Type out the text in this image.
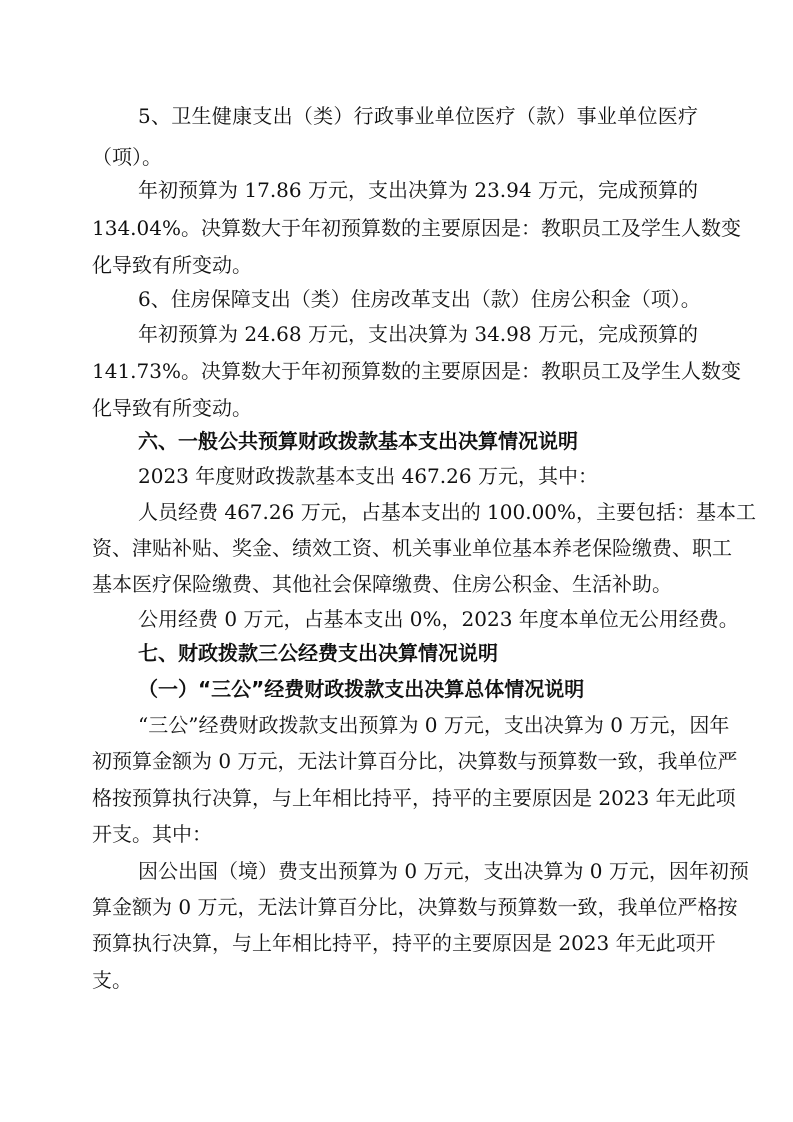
5、卫生健康支出（类）行政事业单位医疗（款）事业单位医疗

（项）。

年初预算为 17.86 万元，支出决算为 23.94 万元，完成预算的

134.04%。决算数大于年初预算数的主要原因是：教职员工及学生人数变

化导致有所变动。

6、住房保障支出（类）住房改革支出（款）住房公积金（项）。

年初预算为 24.68 万元，支出决算为 34.98 万元，完成预算的

141.73%。决算数大于年初预算数的主要原因是：教职员工及学生人数变

化导致有所变动。

六、一般公共预算财政拨款基本支出决算情况说明

2023 年度财政拨款基本支出 467.26 万元，其中：

人员经费 467.26 万元，占基本支出的 100.00%，主要包括：基本工

资、津贴补贴、奖金、绩效工资、机关事业单位基本养老保险缴费、职工

基本医疗保险缴费、其他社会保障缴费、住房公积金、生活补助。

公用经费 0 万元，占基本支出 0%，2023 年度本单位无公用经费。

七、财政拨款三公经费支出决算情况说明

（一）“三公”经费财政拨款支出决算总体情况说明

“三公”经费财政拨款支出预算为 0 万元，支出决算为 0 万元，因年

初预算金额为 0 万元，无法计算百分比，决算数与预算数一致，我单位严

格按预算执行决算，与上年相比持平，持平的主要原因是 2023 年无此项

开支。其中：

因公出国（境）费支出预算为 0 万元，支出决算为 0 万元，因年初预

算金额为 0 万元，无法计算百分比，决算数与预算数一致，我单位严格按

预算执行决算，与上年相比持平，持平的主要原因是 2023 年无此项开

支。
